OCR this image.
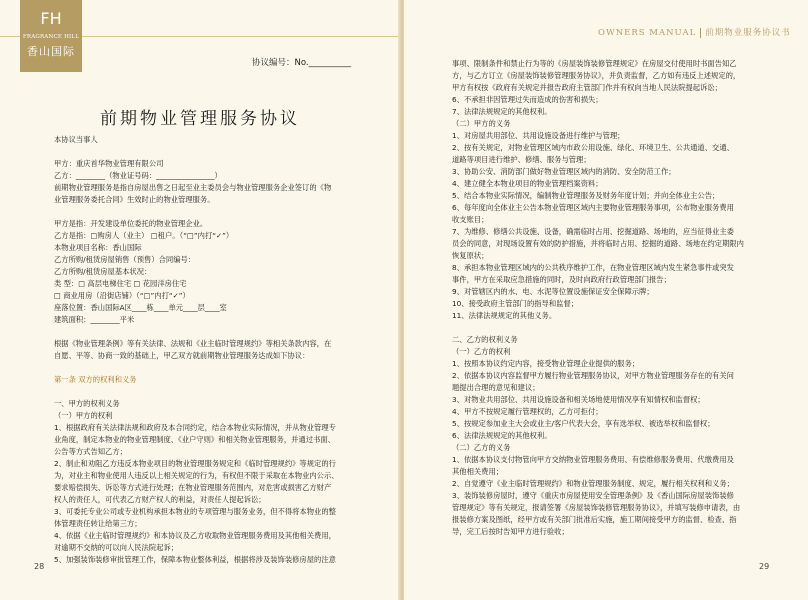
FH
FRAGRANCE HILL
香山国际
协议编号：No.__________
前期物业管理服务协议

本协议当事人

甲方：重庆首华物业管理有限公司

乙方：________（物业证号码：________________）

前期物业管理服务是指自房屋出售之日起至业主委员会与物业管理服务企业签订的《物

业管理服务委托合同》生效时止的物业管理服务。

甲方是指：开发建设单位委托的物业管理企业。

乙方是指：□购房人（业主） □租户。（“□”内打“✓”）

本物业项目名称：香山国际

乙方所购/租赁房屋销售（预售）合同编号：

乙方所购/租赁房屋基本状况：

类 型：□ 高层电梯住宅 □ 花园洋房住宅

□ 商业用房（沿街店铺）（“□”内打“✓”）

座落位置：香山国际A区____栋____单元____层____室

建筑面积：________平米

根据《物业管理条例》等有关法律、法规和《业主临时管理规约》等相关条款内容，在

自愿、平等、协商一致的基础上，甲乙双方就前期物业管理服务达成如下协议：

第一条 双方的权利和义务

一、甲方的权利义务

（一）甲方的权利

1、根据政府有关法律法规和政府及本合同约定，结合本物业实际情况，并从物业管理专

业角度，制定本物业的物业管理制度、《业户守则》和相关物业管理服务，并通过书面、

公告等方式告知乙方；

2、制止和劝阻乙方违反本物业项目的物业管理服务规定和《临时管理规约》等规定的行

为，对业主和物业使用人违反以上相关规定的行为，有权但不限于采取在本物业内公示、

要求赔偿损失、诉讼等方式进行处理；在物业管理服务范围内，对危害或损害乙方财产

权人的责任人，可代表乙方财产权人的利益，对责任人提起诉讼；

3、可委托专业公司或专业机构承担本物业的专项管理与服务业务，但不得将本物业的整

体管理责任转让给第三方；

4、依据《业主临时管理规约》和本协议及乙方收取物业管理服务费用及其他相关费用，

对逾期不交纳的可以向人民法院起诉；

5、加强装饰装修审批管理工作，保障本物业整体利益，根据将涉及装饰装修房屋的注意

28
OWNERS MANUAL 前期物业服务协议书

事项、限制条件和禁止行为等的《房屋装饰装修管理规定》在房屋交付使用时书面告知乙

方，与乙方订立《房屋装饰装修管理服务协议》，并负责监督，乙方如有违反上述规定的，

甲方有权按《政府有关规定并报告政府主管部门作并有权向当地人民法院提起诉讼；

6、不承担非因管理过失而造成的伤害和损失；

7、法律法规规定的其他权利。

（二）甲方的义务

1、对房屋共用部位、共用设施设备进行维护与管理；

2、按有关规定，对物业管理区域内市政公用设施、绿化、环境卫生、公共通道、交通、

道路等项目进行维护、修缮、服务与管理；

3、协助公安、消防部门做好物业管理区域内的消防、安全防范工作；

4、建立健全本物业项目的物业管理档案资料；

5、结合本物业实际情况，编制物业管理服务及财务年度计划；并向全体业主公告；

6、每年度向全体业主公告本物业管理区域内主要物业管理服务事项，公布物业服务费用

收支账目；

7、为维修、修缮公共设施、设备，确需临时占用、挖掘道路、场地的，应当征得业主委

员会的同意，对现场设置有效的防护措施，并将临时占用、挖掘的道路、场地在约定期限内

恢复原状；

8、承担本物业管理区域内的公共秩序维护工作，在物业管理区域内发生紧急事件或突发

事件，甲方在采取应急措施的同时，及时向政府行政管理部门报告；

9、对管辖区内的水、电、水泥等位置设施保证安全保障示牌；

10、接受政府主管部门的指导和监督；

11、法律法规规定的其他义务。

二、乙方的权利义务

（一）乙方的权利

1、按照本协议约定内容，接受物业管理企业提供的服务；

2、依据本协议内容监督甲方履行物业管理服务协议，对甲方物业管理服务存在的有关问

题提出合理的意见和建议；

3、对物业共用部位、共用设施设备和相关场地使用情况享有知情权和监督权；

4、甲方不按规定履行管理权的，乙方可拒付；

5、按规定参加业主大会或业主/客户代表大会，享有选举权、被选举权和监督权；

6、法律法规规定的其他权利。

（二）乙方的义务

1、依据本协议支付物管向甲方交纳物业管理服务费用、有偿维修服务费用、代缴费用及

其他相关费用；

2、自觉遵守《业主临时管理规约》和物业管理服务制度、规定，履行相关权利和义务；

3、装饰装修房屋时，遵守《重庆市房屋使用安全管理条例》及《香山国际房屋装饰装修

管理规定》等有关规定，报请签署《房屋装饰装修管理服务协议》，并填写装修申请表，由

报装修方案及图纸，经甲方或有关部门批准后实施，施工期间接受甲方的监督、检查、指

导，完工后按时告知甲方进行验收；

29
